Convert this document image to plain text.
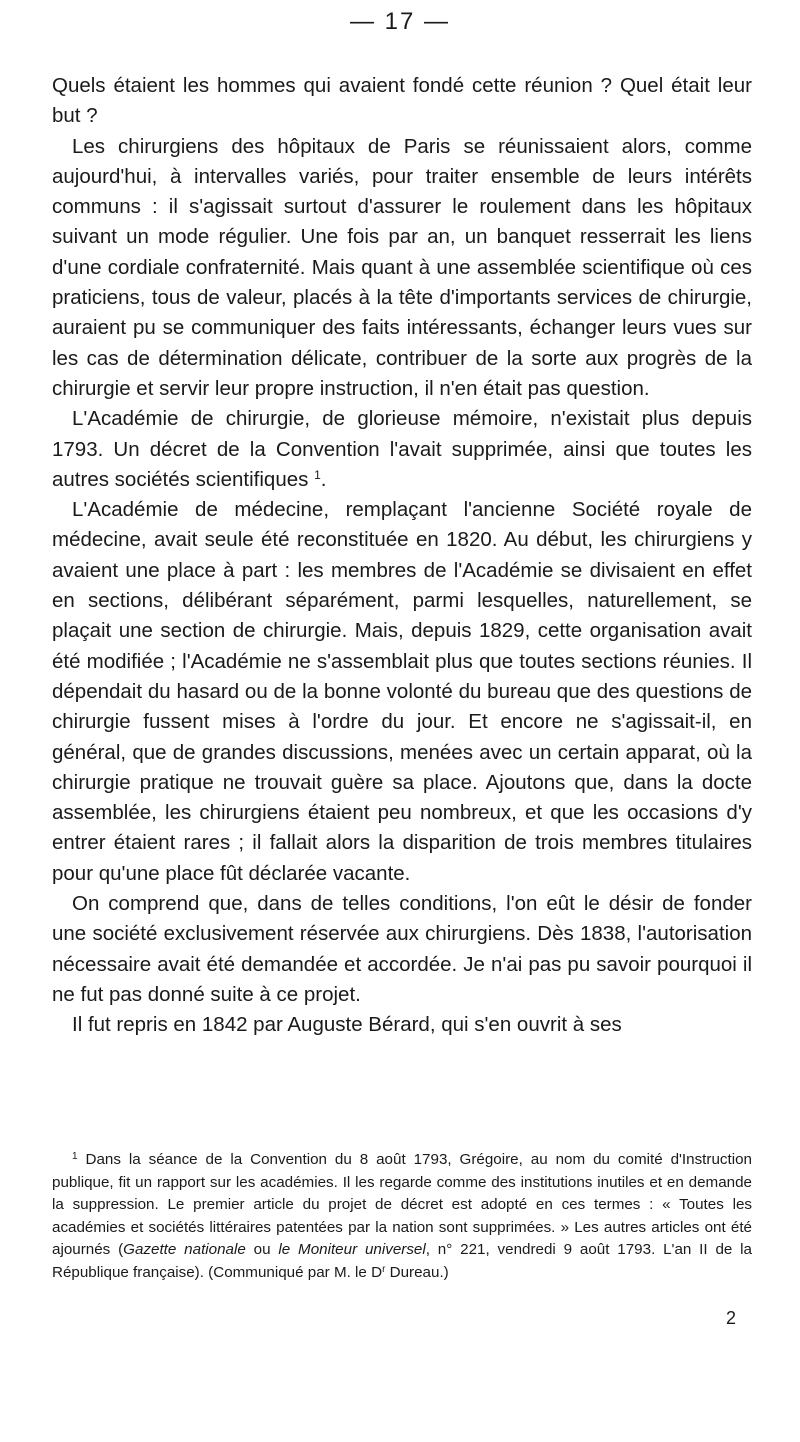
— 17 —

Quels étaient les hommes qui avaient fondé cette réunion ? Quel était leur but ?

Les chirurgiens des hôpitaux de Paris se réunissaient alors, comme aujourd'hui, à intervalles variés, pour traiter ensemble de leurs intérêts communs : il s'agissait surtout d'assurer le roulement dans les hôpitaux suivant un mode régulier. Une fois par an, un banquet resserrait les liens d'une cordiale confraternité. Mais quant à une assemblée scientifique où ces praticiens, tous de valeur, placés à la tête d'importants services de chirurgie, auraient pu se communiquer des faits intéressants, échanger leurs vues sur les cas de détermination délicate, contribuer de la sorte aux progrès de la chirurgie et servir leur propre instruction, il n'en était pas question.

L'Académie de chirurgie, de glorieuse mémoire, n'existait plus depuis 1793. Un décret de la Convention l'avait supprimée, ainsi que toutes les autres sociétés scientifiques $^1$.

L'Académie de médecine, remplaçant l'ancienne Société royale de médecine, avait seule été reconstituée en 1820. Au début, les chirurgiens y avaient une place à part : les membres de l'Académie se divisaient en effet en sections, délibérant séparément, parmi lesquelles, naturellement, se plaçait une section de chirurgie. Mais, depuis 1829, cette organisation avait été modifiée ; l'Académie ne s'assemblait plus que toutes sections réunies. Il dépendait du hasard ou de la bonne volonté du bureau que des questions de chirurgie fussent mises à l'ordre du jour. Et encore ne s'agissait-il, en général, que de grandes discussions, menées avec un certain apparat, où la chirurgie pratique ne trouvait guère sa place. Ajoutons que, dans la docte assemblée, les chirurgiens étaient peu nombreux, et que les occasions d'y entrer étaient rares ; il fallait alors la disparition de trois membres titulaires pour qu'une place fût déclarée vacante.

On comprend que, dans de telles conditions, l'on eût le désir de fonder une société exclusivement réservée aux chirurgiens. Dès 1838, l'autorisation nécessaire avait été demandée et accordée. Je n'ai pas pu savoir pourquoi il ne fut pas donné suite à ce projet.

Il fut repris en 1842 par Auguste Bérard, qui s'en ouvrit à ses

$^1$ Dans la séance de la Convention du 8 août 1793, Grégoire, au nom du comité d'Instruction publique, fit un rapport sur les académies. Il les regarde comme des institutions inutiles et en demande la suppression. Le premier article du projet de décret est adopté en ces termes : « Toutes les académies et sociétés littéraires patentées par la nation sont supprimées. » Les autres articles ont été ajournés (Gazette nationale ou le Moniteur universel, n° 221, vendredi 9 août 1793. L'an II de la République française). (Communiqué par M. le $D^r$ Dureau.)

2
